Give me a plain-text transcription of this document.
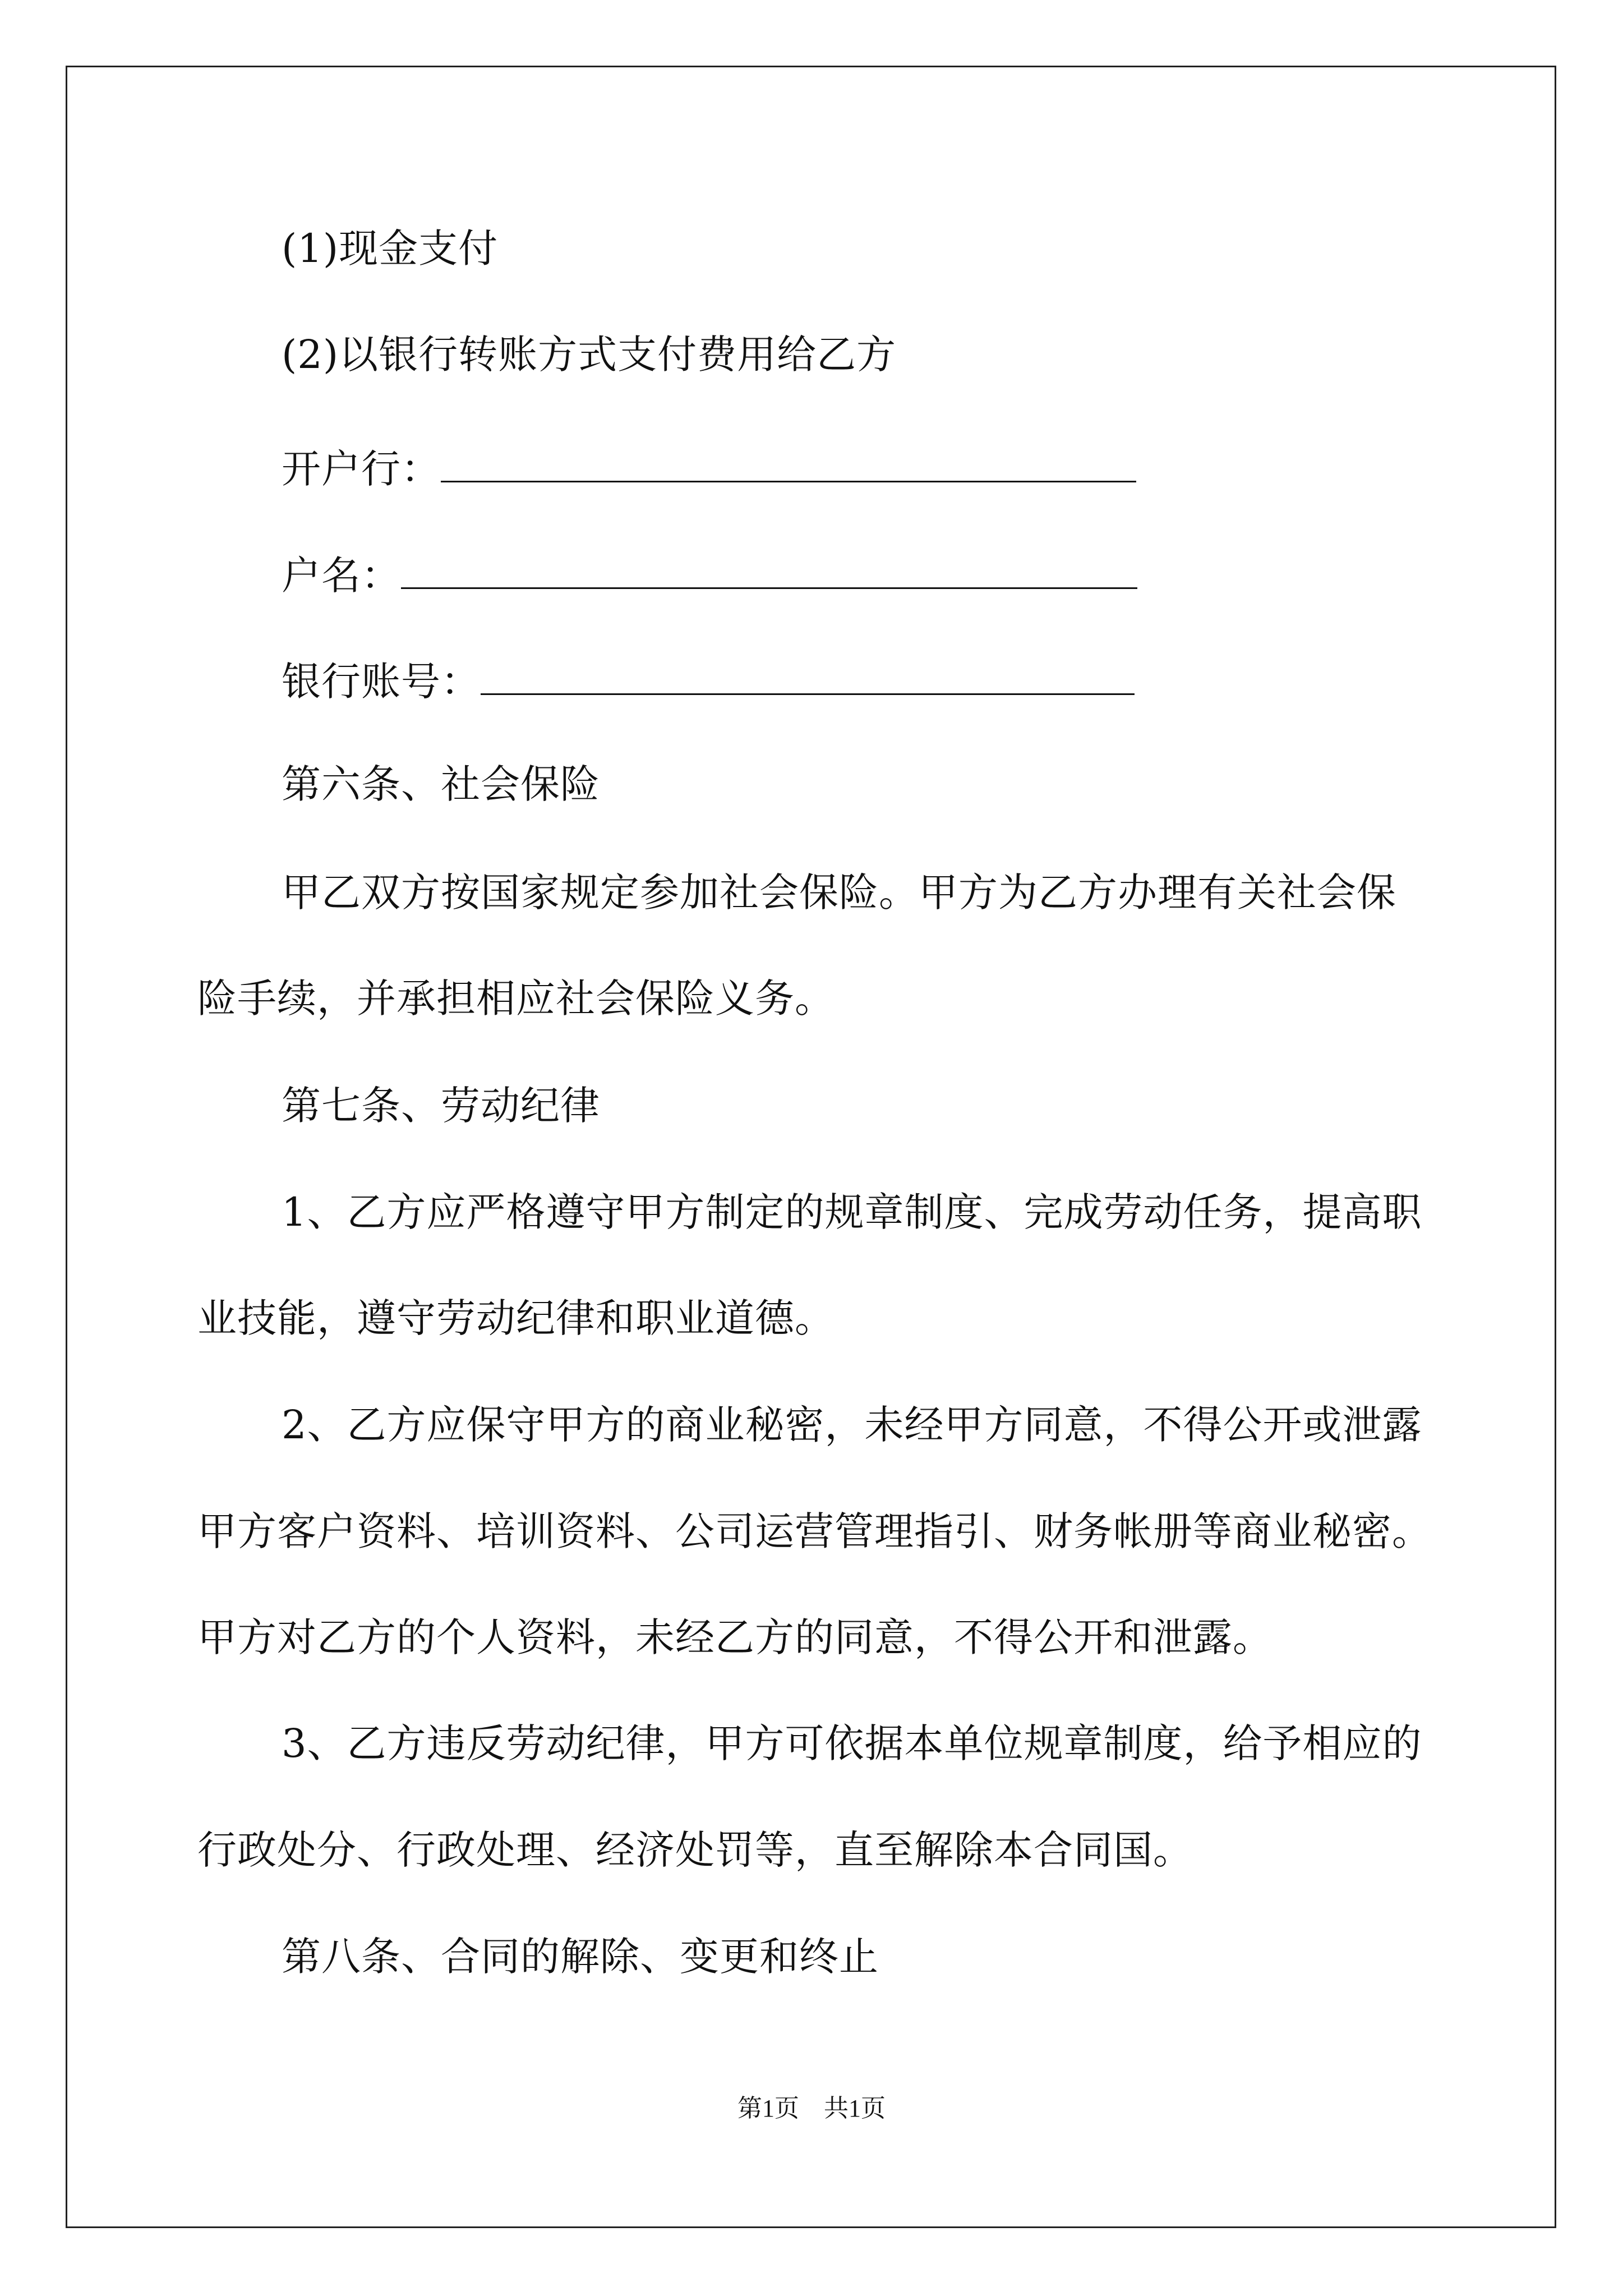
(1)现金支付
(2)以银行转账方式支付费用给乙方
开户行：
户名：
银行账号：
第六条、社会保险
甲乙双方按国家规定参加社会保险。甲方为乙方办理有关社会保
险手续，并承担相应社会保险义务。
第七条、劳动纪律
1、乙方应严格遵守甲方制定的规章制度、完成劳动任务，提高职
业技能，遵守劳动纪律和职业道德。
2、乙方应保守甲方的商业秘密，未经甲方同意，不得公开或泄露
甲方客户资料、培训资料、公司运营管理指引、财务帐册等商业秘密。
甲方对乙方的个人资料，未经乙方的同意，不得公开和泄露。
3、乙方违反劳动纪律，甲方可依据本单位规章制度，给予相应的
行政处分、行政处理、经济处罚等，直至解除本合同国。
第八条、合同的解除、变更和终止
第1页　共1页
